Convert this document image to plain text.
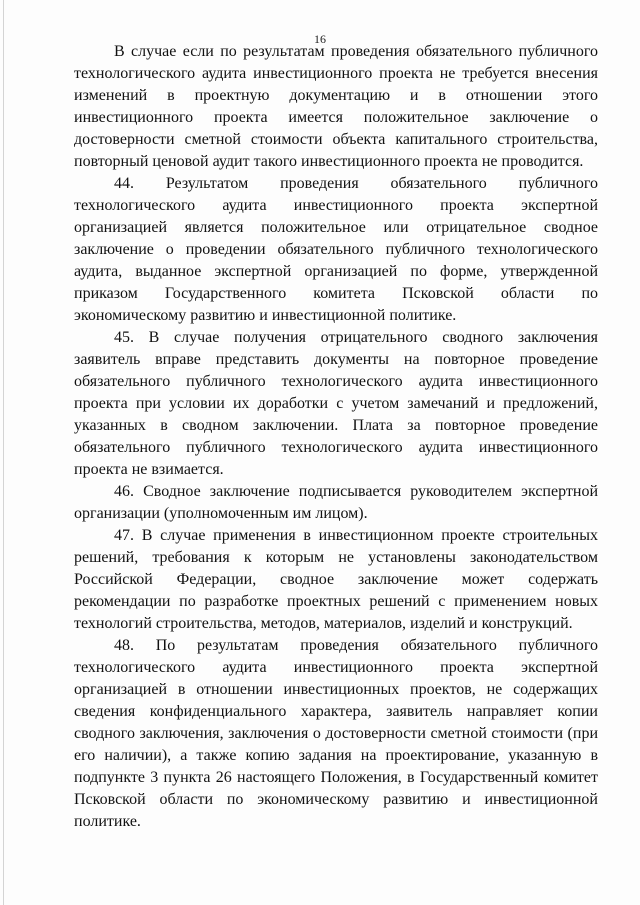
16

В случае если по результатам проведения обязательного публичного технологического аудита инвестиционного проекта не требуется внесения изменений в проектную документацию и в отношении этого инвестиционного проекта имеется положительное заключение о достоверности сметной стоимости объекта капитального строительства, повторный ценовой аудит такого инвестиционного проекта не проводится.

44. Результатом проведения обязательного публичного технологического аудита инвестиционного проекта экспертной организацией является положительное или отрицательное сводное заключение о проведении обязательного публичного технологического аудита, выданное экспертной организацией по форме, утвержденной приказом Государственного комитета Псковской области по экономическому развитию и инвестиционной политике.

45. В случае получения отрицательного сводного заключения заявитель вправе представить документы на повторное проведение обязательного публичного технологического аудита инвестиционного проекта при условии их доработки с учетом замечаний и предложений, указанных в сводном заключении. Плата за повторное проведение обязательного публичного технологического аудита инвестиционного проекта не взимается.

46. Сводное заключение подписывается руководителем экспертной организации (уполномоченным им лицом).

47. В случае применения в инвестиционном проекте строительных решений, требования к которым не установлены законодательством Российской Федерации, сводное заключение может содержать рекомендации по разработке проектных решений с применением новых технологий строительства, методов, материалов, изделий и конструкций.

48. По результатам проведения обязательного публичного технологического аудита инвестиционного проекта экспертной организацией в отношении инвестиционных проектов, не содержащих сведения конфиденциального характера, заявитель направляет копии сводного заключения, заключения о достоверности сметной стоимости (при его наличии), а также копию задания на проектирование, указанную в подпункте 3 пункта 26 настоящего Положения, в Государственный комитет Псковской области по экономическому развитию и инвестиционной политике.
